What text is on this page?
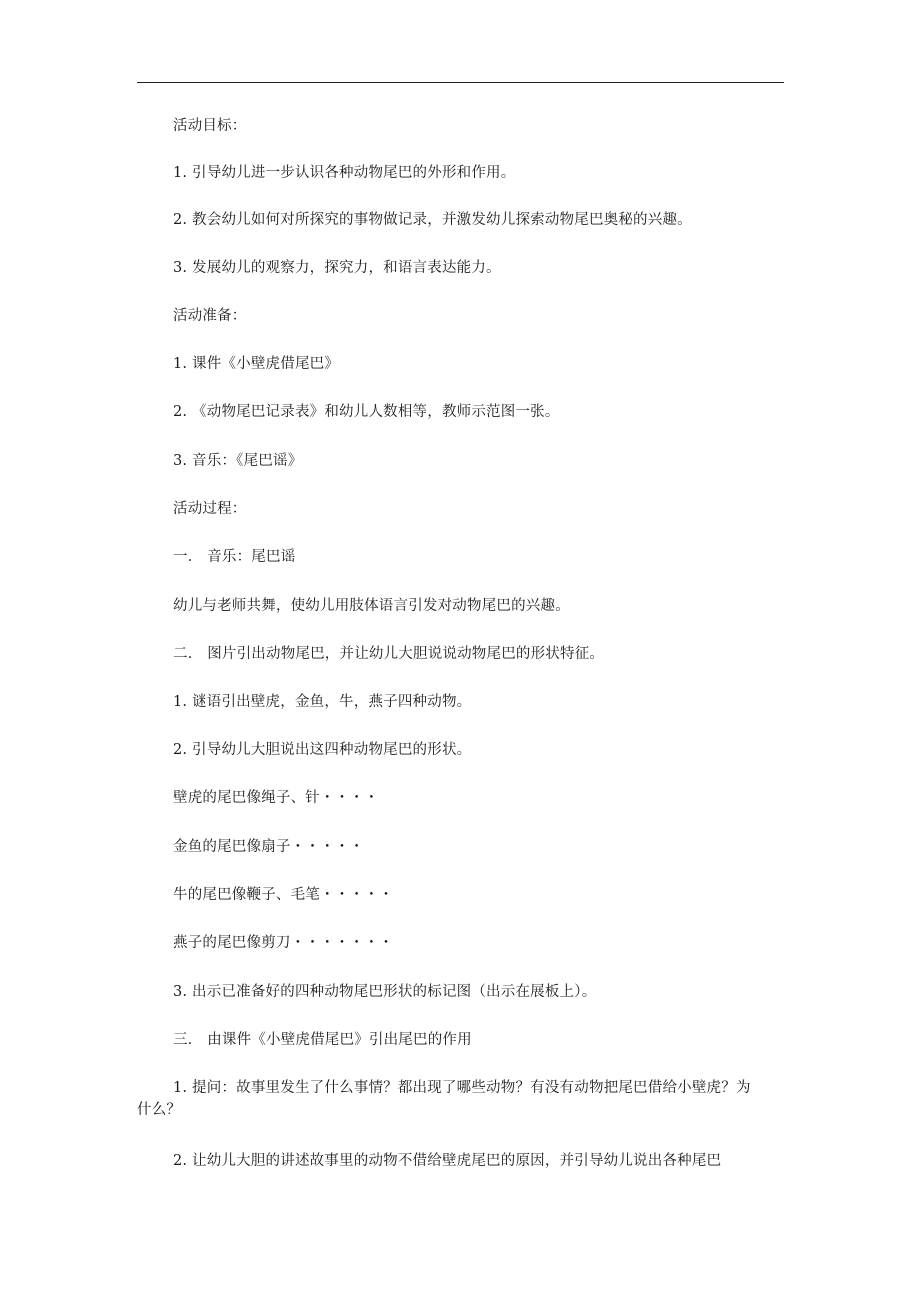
活动目标：
1. 引导幼儿进一步认识各种动物尾巴的外形和作用。
2. 教会幼儿如何对所探究的事物做记录，并激发幼儿探索动物尾巴奥秘的兴趣。
3. 发展幼儿的观察力，探究力，和语言表达能力。
活动准备：
1. 课件《小壁虎借尾巴》
2. 《动物尾巴记录表》和幼儿人数相等，教师示范图一张。
3. 音乐：《尾巴谣》
活动过程：
一． 音乐：尾巴谣
幼儿与老师共舞，使幼儿用肢体语言引发对动物尾巴的兴趣。
二． 图片引出动物尾巴，并让幼儿大胆说说动物尾巴的形状特征。
1. 谜语引出壁虎，金鱼，牛，燕子四种动物。
2. 引导幼儿大胆说出这四种动物尾巴的形状。
壁虎的尾巴像绳子、针・・・・
金鱼的尾巴像扇子・・・・・
牛的尾巴像鞭子、毛笔・・・・・
燕子的尾巴像剪刀・・・・・・・
3. 出示已准备好的四种动物尾巴形状的标记图（出示在展板上）。
三． 由课件《小壁虎借尾巴》引出尾巴的作用
1. 提问：故事里发生了什么事情？都出现了哪些动物？有没有动物把尾巴借给小壁虎？为什么？
2. 让幼儿大胆的讲述故事里的动物不借给壁虎尾巴的原因，并引导幼儿说出各种尾巴
